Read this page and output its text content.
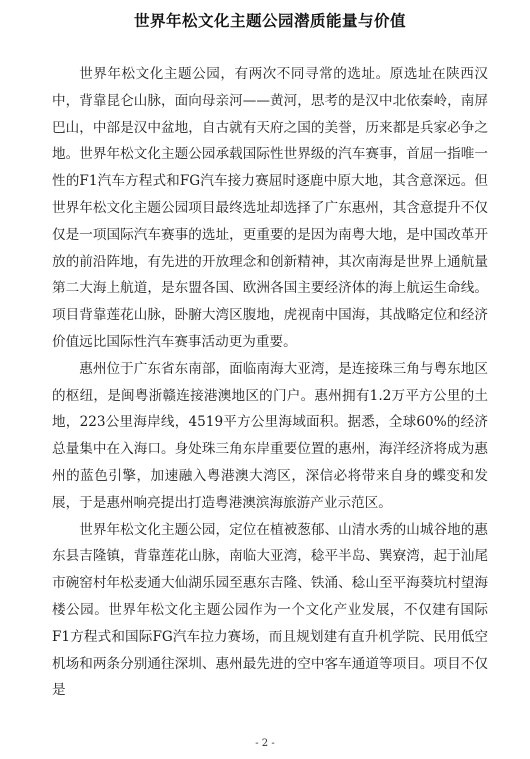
世界年松文化主题公园潜质能量与价值

世界年松文化主题公园，有两次不同寻常的选址。原选址在陕西汉中，背靠昆仑山脉，面向母亲河——黄河，思考的是汉中北依秦岭，南屏巴山，中部是汉中盆地，自古就有天府之国的美誉，历来都是兵家必争之地。世界年松文化主题公园承载国际性世界级的汽车赛事，首屈一指唯一性的F1汽车方程式和FG汽车接力赛屈时逐鹿中原大地，其含意深远。但世界年松文化主题公园项目最终选址却选择了广东惠州，其含意提升不仅仅是一项国际汽车赛事的选址，更重要的是因为南粤大地，是中国改革开放的前沿阵地，有先进的开放理念和创新精神，其次南海是世界上通航量第二大海上航道，是东盟各国、欧洲各国主要经济体的海上航运生命线。项目背靠莲花山脉，卧腑大湾区腹地，虎视南中国海，其战略定位和经济价值远比国际性汽车赛事活动更为重要。

惠州位于广东省东南部，面临南海大亚湾，是连接珠三角与粤东地区的枢纽，是闽粤浙赣连接港澳地区的门户。惠州拥有1.2万平方公里的土地，223公里海岸线，4519平方公里海域面积。据悉，全球60%的经济总量集中在入海口。身处珠三角东岸重要位置的惠州，海洋经济将成为惠州的蓝色引擎，加速融入粤港澳大湾区，深信必将带来自身的蝶变和发展，于是惠州响亮提出打造粤港澳滨海旅游产业示范区。

世界年松文化主题公园，定位在植被葱郁、山清水秀的山城谷地的惠东县吉隆镇，背靠莲花山脉，南临大亚湾，稔平半岛、巽寮湾，起于汕尾市碗窑村年松麦通大仙湖乐园至惠东吉隆、铁涌、稔山至平海葵坑村望海楼公园。世界年松文化主题公园作为一个文化产业发展，不仅建有国际F1方程式和国际FG汽车拉力赛场，而且规划建有直升机学院、民用低空机场和两条分别通往深圳、惠州最先进的空中客车通道等项目。项目不仅是

- 2 -
